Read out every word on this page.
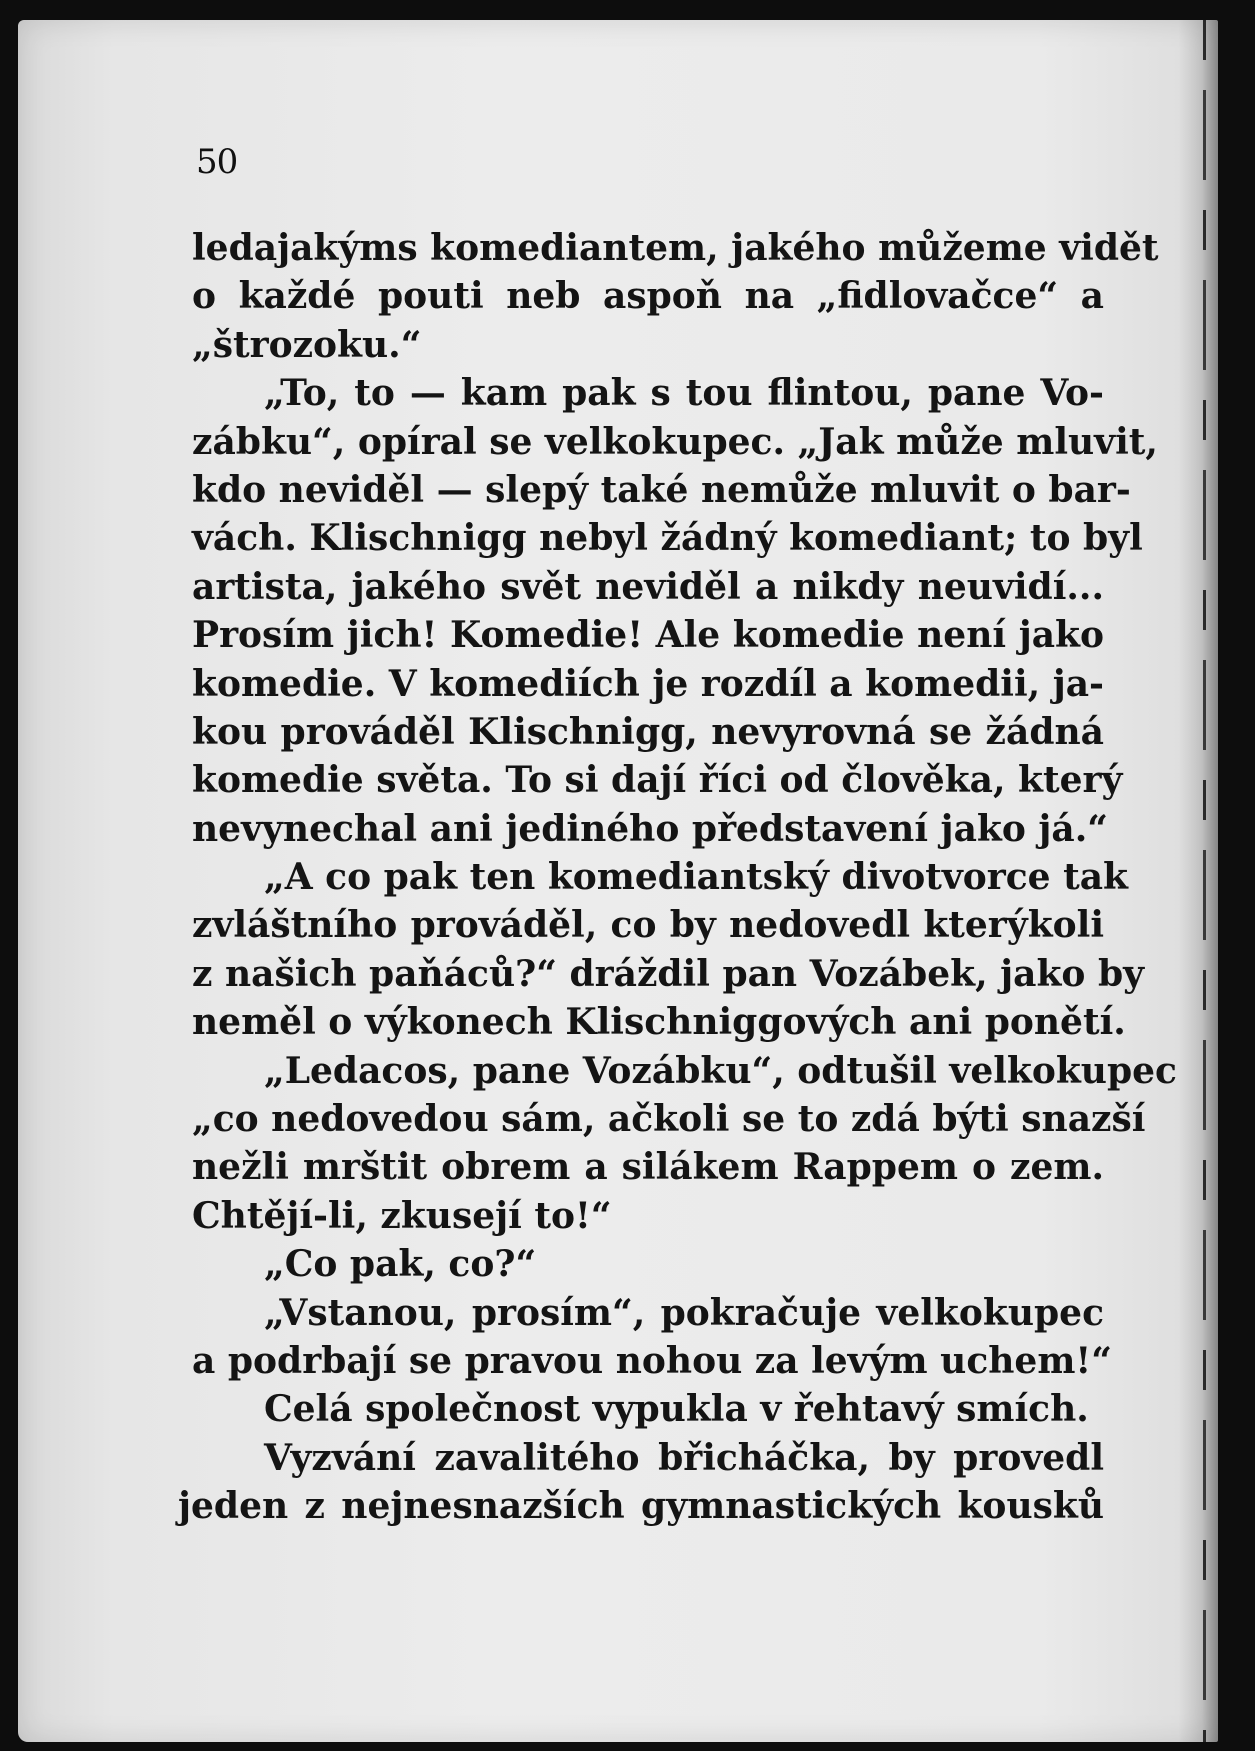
50
ledajakýms komediantem, jakého můžeme vidět
o každé pouti neb aspoň na „fidlovačce“ a
„štrozoku.“
„To, to — kam pak s tou flintou, pane Vo-
zábku“, opíral se velkokupec. „Jak může mluvit,
kdo neviděl — slepý také nemůže mluvit o bar-
vách. Klischnigg nebyl žádný komediant; to byl
artista, jakého svět neviděl a nikdy neuvidí...
Prosím jich! Komedie! Ale komedie není jako
komedie. V komediích je rozdíl a komedii, ja-
kou prováděl Klischnigg, nevyrovná se žádná
komedie světa. To si dají říci od člověka, který
nevynechal ani jediného představení jako já.“
„A co pak ten komediantský divotvorce tak
zvláštního prováděl, co by nedovedl kterýkoli
z našich paňáců?“ dráždil pan Vozábek, jako by
neměl o výkonech Klischniggových ani ponětí.
„Ledacos, pane Vozábku“, odtušil velkokupec
„co nedovedou sám, ačkoli se to zdá býti snazší
nežli mrštit obrem a silákem Rappem o zem.
Chtějí-li, zkusejí to!“
„Co pak, co?“
„Vstanou, prosím“, pokračuje velkokupec
a podrbají se pravou nohou za levým uchem!“
Celá společnost vypukla v řehtavý smích.
Vyzvání zavalitého břicháčka, by provedl
jeden z nejnesnazších gymnastických kousků
